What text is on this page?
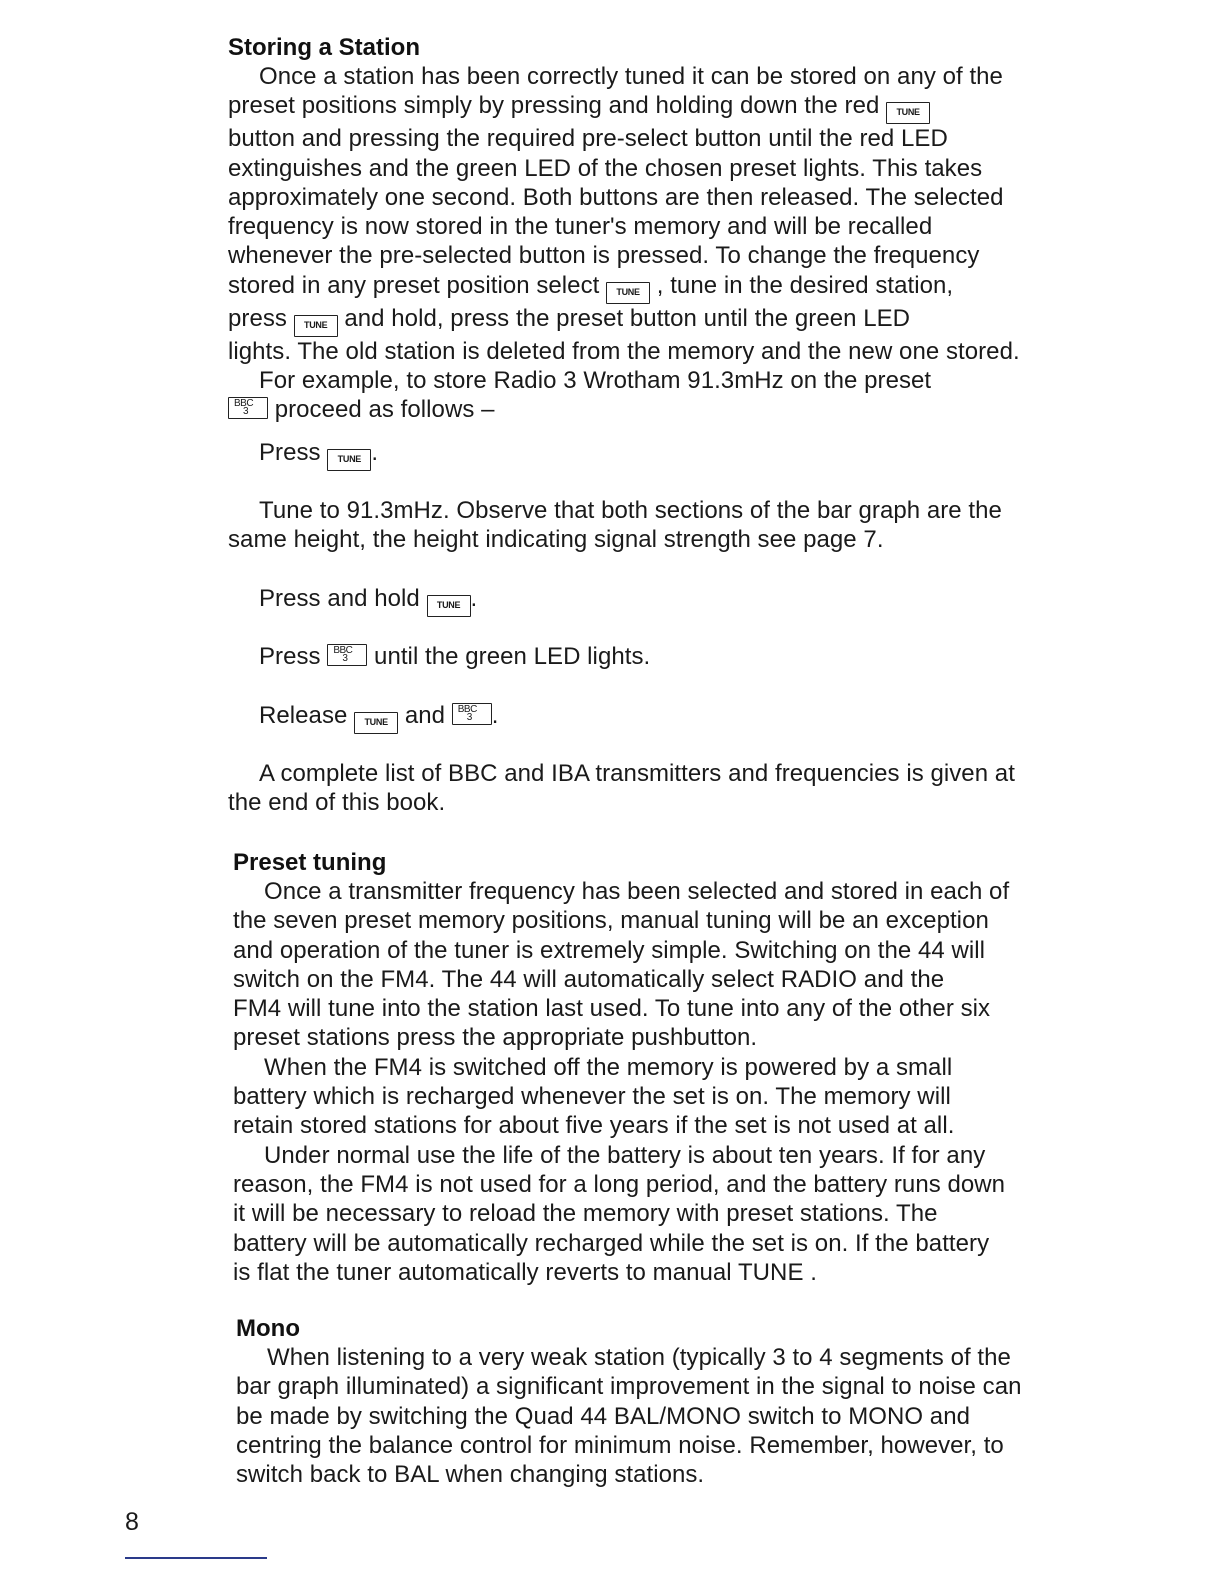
Storing a Station
Once a station has been correctly tuned it can be stored on any of the
preset positions simply by pressing and holding down the red TUNE
button and pressing the required pre-select button until the red LED
extinguishes and the green LED of the chosen preset lights. This takes
approximately one second. Both buttons are then released. The selected
frequency is now stored in the tuner's memory and will be recalled
whenever the pre-selected button is pressed. To change the frequency
stored in any preset position select TUNE , tune in the desired station,
press TUNE and hold, press the preset button until the green LED
lights. The old station is deleted from the memory and the new one stored.
For example, to store Radio 3 Wrotham 91.3mHz on the preset
BBC
3 proceed as follows –
Press TUNE .
Tune to 91.3mHz. Observe that both sections of the bar graph are the
same height, the height indicating signal strength see page 7.
Press and hold TUNE .
Press BBC
3 until the green LED lights.
Release TUNE and BBC
3 .
A complete list of BBC and IBA transmitters and frequencies is given at
the end of this book.
Preset tuning
Once a transmitter frequency has been selected and stored in each of
the seven preset memory positions, manual tuning will be an exception
and operation of the tuner is extremely simple. Switching on the 44 will
switch on the FM4. The 44 will automatically select RADIO and the
FM4 will tune into the station last used. To tune into any of the other six
preset stations press the appropriate pushbutton.
When the FM4 is switched off the memory is powered by a small
battery which is recharged whenever the set is on. The memory will
retain stored stations for about five years if the set is not used at all.
Under normal use the life of the battery is about ten years. If for any
reason, the FM4 is not used for a long period, and the battery runs down
it will be necessary to reload the memory with preset stations. The
battery will be automatically recharged while the set is on. If the battery
is flat the tuner automatically reverts to manual TUNE .
Mono
When listening to a very weak station (typically 3 to 4 segments of the
bar graph illuminated) a significant improvement in the signal to noise can
be made by switching the Quad 44 BAL/MONO switch to MONO and
centring the balance control for minimum noise. Remember, however, to
switch back to BAL when changing stations.
8
